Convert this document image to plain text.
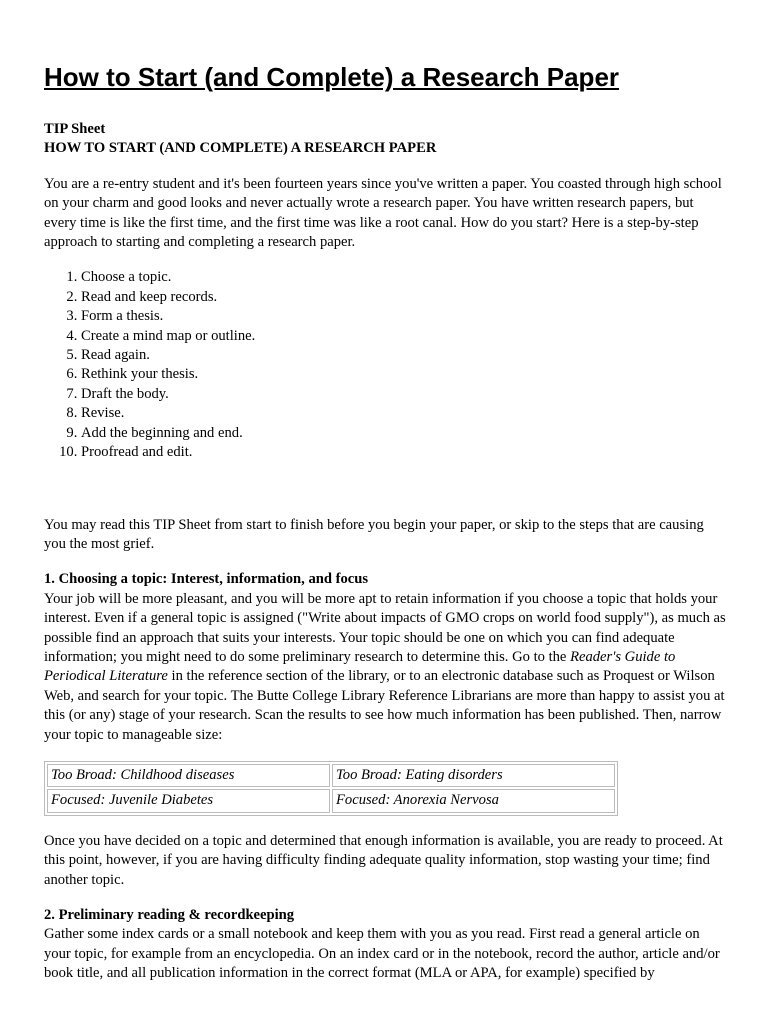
How to Start (and Complete) a Research Paper

TIP Sheet

HOW TO START (AND COMPLETE) A RESEARCH PAPER

You are a re-entry student and it's been fourteen years since you've written a paper. You coasted through high school on your charm and good looks and never actually wrote a research paper. You have written research papers, but every time is like the first time, and the first time was like a root canal. How do you start? Here is a step-by-step approach to starting and completing a research paper.

1. Choose a topic.
2. Read and keep records.
3. Form a thesis.
4. Create a mind map or outline.
5. Read again.
6. Rethink your thesis.
7. Draft the body.
8. Revise.
9. Add the beginning and end.
10. Proofread and edit.

You may read this TIP Sheet from start to finish before you begin your paper, or skip to the steps that are causing you the most grief.

1. Choosing a topic: Interest, information, and focus

Your job will be more pleasant, and you will be more apt to retain information if you choose a topic that holds your interest. Even if a general topic is assigned ("Write about impacts of GMO crops on world food supply"), as much as possible find an approach that suits your interests. Your topic should be one on which you can find adequate information; you might need to do some preliminary research to determine this. Go to the Reader's Guide to Periodical Literature in the reference section of the library, or to an electronic database such as Proquest or Wilson Web, and search for your topic. The Butte College Library Reference Librarians are more than happy to assist you at this (or any) stage of your research. Scan the results to see how much information has been published. Then, narrow your topic to manageable size:

Too Broad: Childhood diseases	Too Broad: Eating disorders
Focused: Juvenile Diabetes	Focused: Anorexia Nervosa

Once you have decided on a topic and determined that enough information is available, you are ready to proceed. At this point, however, if you are having difficulty finding adequate quality information, stop wasting your time; find another topic.

2. Preliminary reading & recordkeeping

Gather some index cards or a small notebook and keep them with you as you read. First read a general article on your topic, for example from an encyclopedia. On an index card or in the notebook, record the author, article and/or book title, and all publication information in the correct format (MLA or APA, for example) specified by
